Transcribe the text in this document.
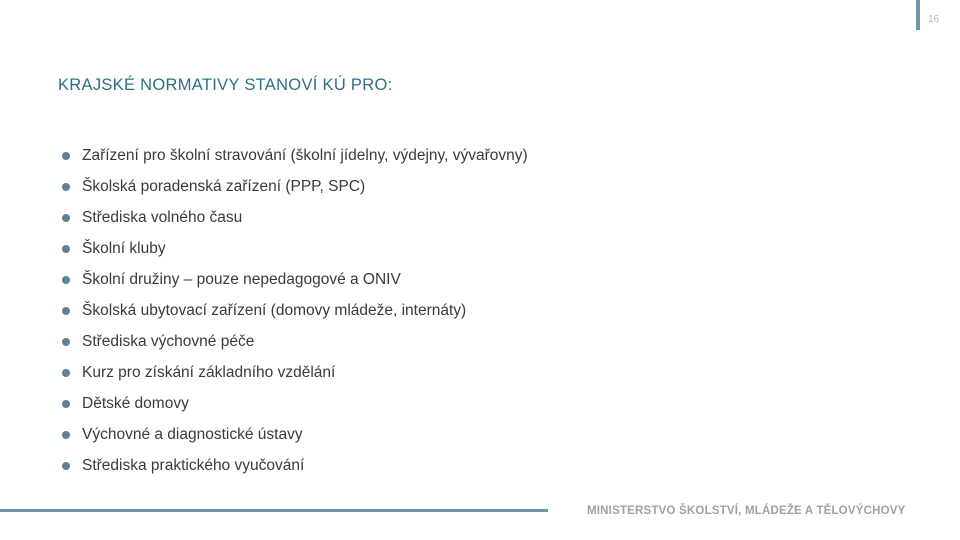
16
KRAJSKÉ NORMATIVY STANOVÍ KÚ PRO:
Zařízení pro školní stravování (školní jídelny, výdejny, vývařovny)
Školská poradenská zařízení (PPP, SPC)
Střediska volného času
Školní kluby
Školní družiny – pouze nepedagogové a ONIV
Školská ubytovací zařízení (domovy mládeže, internáty)
Střediska výchovné péče
Kurz pro získání základního vzdělání
Dětské domovy
Výchovné a diagnostické ústavy
Střediska praktického vyučování
MINISTERSTVO ŠKOLSTVÍ, MLÁDEŽE A TĚLOVÝCHOVY
